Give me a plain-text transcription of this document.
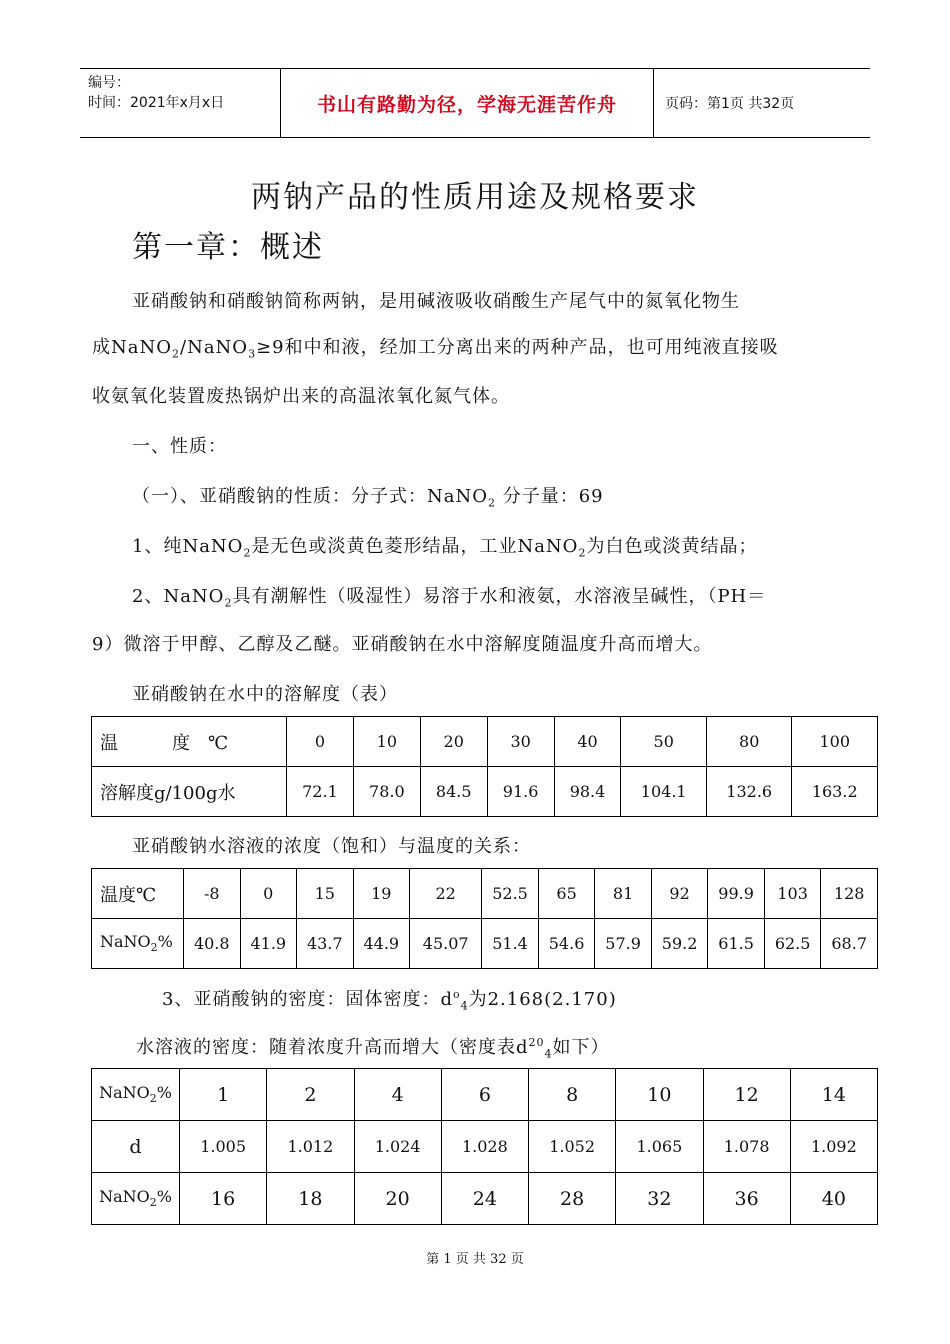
编号：
时间：2021年x月x日	书山有路勤为径，学海无涯苦作舟	页码：第1页 共32页
两钠产品的性质用途及规格要求
第一章：概述
亚硝酸钠和硝酸钠简称两钠，是用碱液吸收硝酸生产尾气中的氮氧化物生
成NaNO$_2$/NaNO$_3$≥9和中和液，经加工分离出来的两种产品，也可用纯液直接吸
收氨氧化装置废热锅炉出来的高温浓氧化氮气体。
一、性质：
（一）、亚硝酸钠的性质：分子式：NaNO$_2$ 分子量：69
1、纯NaNO$_2$是无色或淡黄色菱形结晶，工业NaNO$_2$为白色或淡黄结晶；
2、NaNO$_2$具有潮解性（吸湿性）易溶于水和液氨，水溶液呈碱性，（PH＝
9）微溶于甲醇、乙醇及乙醚。亚硝酸钠在水中溶解度随温度升高而增大。
亚硝酸钠在水中的溶解度（表）
温　　　度　℃	0	10	20	30	40	50	80	100
溶解度g/100g水	72.1	78.0	84.5	91.6	98.4	104.1	132.6	163.2
亚硝酸钠水溶液的浓度（饱和）与温度的关系：
温度℃	-8	0	15	19	22	52.5	65	81	92	99.9	103	128
NaNO$_2$%	40.8	41.9	43.7	44.9	45.07	51.4	54.6	57.9	59.2	61.5	62.5	68.7
3、亚硝酸钠的密度：固体密度：$d^o_4$为2.168(2.170)
水溶液的密度：随着浓度升高而增大（密度表$d^{20}_4$如下）
NaNO$_2$%	1	2	4	6	8	10	12	14
d	1.005	1.012	1.024	1.028	1.052	1.065	1.078	1.092
NaNO$_2$%	16	18	20	24	28	32	36	40
第 1 页 共 32 页
